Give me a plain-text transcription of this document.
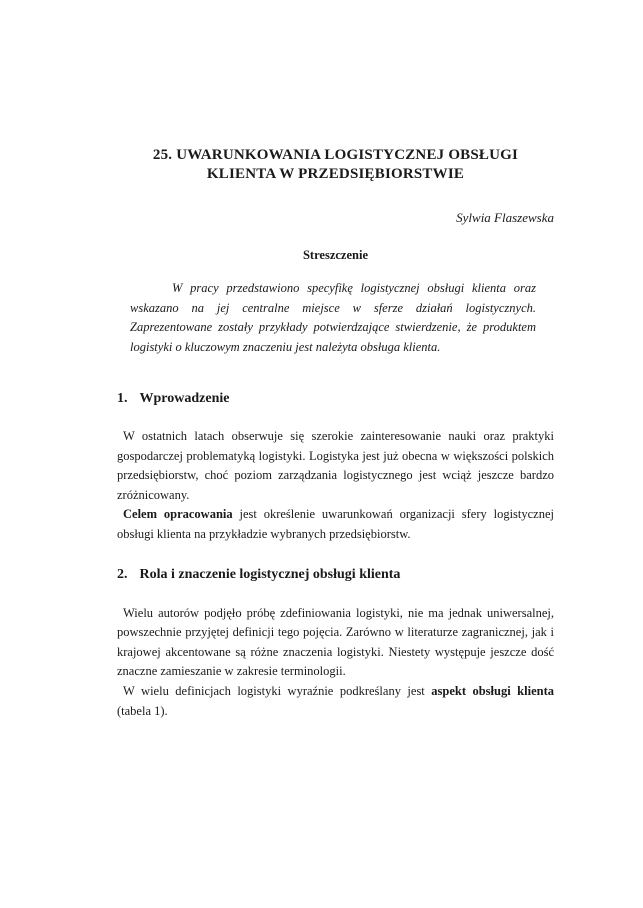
25. UWARUNKOWANIA LOGISTYCZNEJ OBSŁUGI
KLIENTA W PRZEDSIĘBIORSTWIE
Sylwia Flaszewska
Streszczenie

W pracy przedstawiono specyfikę logistycznej obsługi klienta oraz wskazano na jej centralne miejsce w sferze działań logistycznych. Zaprezentowane zostały przykłady potwierdzające stwierdzenie, że produktem logistyki o kluczowym znaczeniu jest należyta obsługa klienta.

1. Wprowadzenie

W ostatnich latach obserwuje się szerokie zainteresowanie nauki oraz praktyki gospodarczej problematyką logistyki. Logistyka jest już obecna w większości polskich przedsiębiorstw, choć poziom zarządzania logistycznego jest wciąż jeszcze bardzo zróżnicowany.

Celem opracowania jest określenie uwarunkowań organizacji sfery logistycznej obsługi klienta na przykładzie wybranych przedsiębiorstw.

2. Rola i znaczenie logistycznej obsługi klienta

Wielu autorów podjęło próbę zdefiniowania logistyki, nie ma jednak uniwersalnej, powszechnie przyjętej definicji tego pojęcia. Zarówno w literaturze zagranicznej, jak i krajowej akcentowane są różne znaczenia logistyki. Niestety występuje jeszcze dość znaczne zamieszanie w zakresie terminologii.

W wielu definicjach logistyki wyraźnie podkreślany jest aspekt obsługi klienta (tabela 1).
